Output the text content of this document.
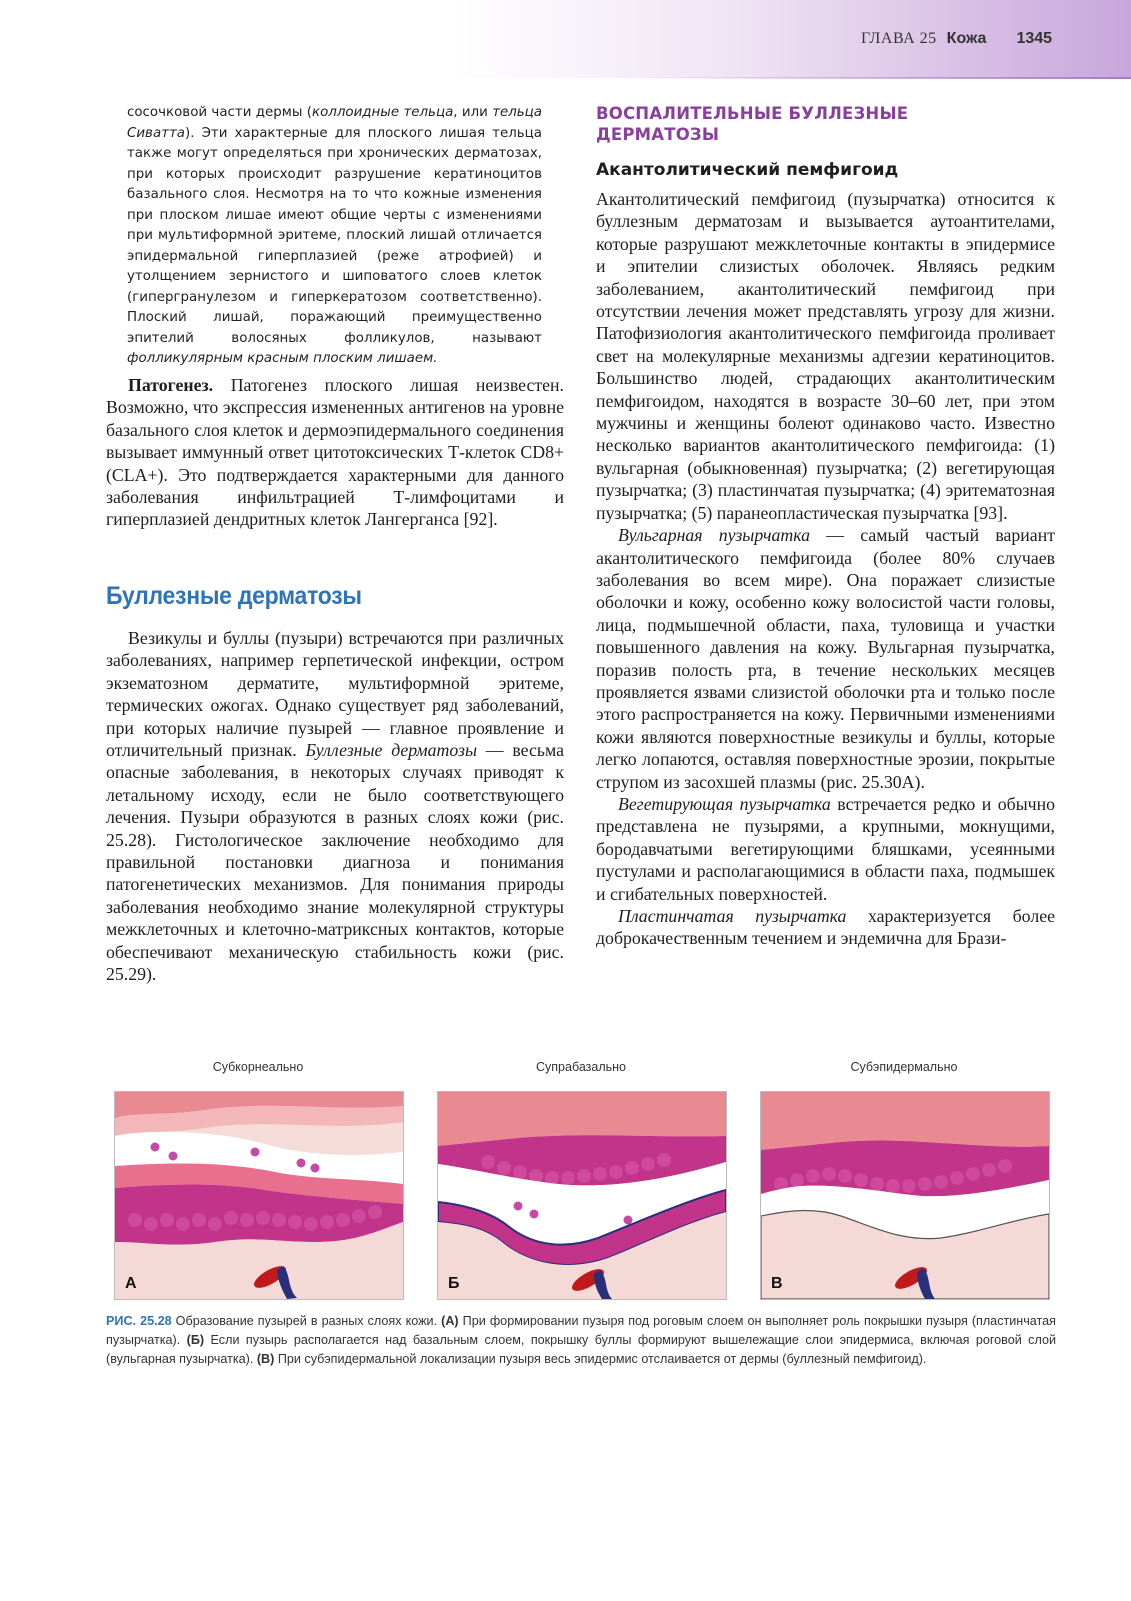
ГЛАВА 25 Кожа 1345

сосочковой части дермы (коллоидные тельца, или тельца Сиватта). Эти характерные для плоского лишая тельца также могут определяться при хронических дерматозах, при которых происходит разрушение кератиноцитов базального слоя. Несмотря на то что кожные изменения при плоском лишае имеют общие черты с изменениями при мультиформной эритеме, плоский лишай отличается эпидермальной гиперплазией (реже атрофией) и утолщением зернистого и шиповатого слоев клеток (гипергранулезом и гиперкератозом соответственно). Плоский лишай, поражающий преимущественно эпителий волосяных фолликулов, называют фолликулярным красным плоским лишаем.

Патогенез. Патогенез плоского лишая неизвестен. Возможно, что экспрессия измененных антигенов на уровне базального слоя клеток и дермоэпидермального соединения вызывает иммунный ответ цитотоксических Т-клеток CD8+ (CLA+). Это подтверждается характерными для данного заболевания инфильтрацией Т-лимфоцитами и гиперплазией дендритных клеток Лангерганса [92].

Буллезные дерматозы

Везикулы и буллы (пузыри) встречаются при различных заболеваниях, например герпетической инфекции, остром экзематозном дерматите, мультиформной эритеме, термических ожогах. Однако существует ряд заболеваний, при которых наличие пузырей — главное проявление и отличительный признак. Буллезные дерматозы — весьма опасные заболевания, в некоторых случаях приводят к летальному исходу, если не было соответствующего лечения. Пузыри образуются в разных слоях кожи (рис. 25.28). Гистологическое заключение необходимо для правильной постановки диагноза и понимания патогенетических механизмов. Для понимания природы заболевания необходимо знание молекулярной структуры межклеточных и клеточно-матриксных контактов, которые обеспечивают механическую стабильность кожи (рис. 25.29).

ВОСПАЛИТЕЛЬНЫЕ БУЛЛЕЗНЫЕ ДЕРМАТОЗЫ
Акантолитический пемфигоид

Акантолитический пемфигоид (пузырчатка) относится к буллезным дерматозам и вызывается аутоантителами, которые разрушают межклеточные контакты в эпидермисе и эпителии слизистых оболочек. Являясь редким заболеванием, акантолитический пемфигоид при отсутствии лечения может представлять угрозу для жизни. Патофизиология акантолитического пемфигоида проливает свет на молекулярные механизмы адгезии кератиноцитов. Большинство людей, страдающих акантолитическим пемфигоидом, находятся в возрасте 30–60 лет, при этом мужчины и женщины болеют одинаково часто. Известно несколько вариантов акантолитического пемфигоида: (1) вульгарная (обыкновенная) пузырчатка; (2) вегетирующая пузырчатка; (3) пластинчатая пузырчатка; (4) эритематозная пузырчатка; (5) паранеопластическая пузырчатка [93].

Вульгарная пузырчатка — самый частый вариант акантолитического пемфигоида (более 80% случаев заболевания во всем мире). Она поражает слизистые оболочки и кожу, особенно кожу волосистой части головы, лица, подмышечной области, паха, туловища и участки повышенного давления на кожу. Вульгарная пузырчатка, поразив полость рта, в течение нескольких месяцев проявляется язвами слизистой оболочки рта и только после этого распространяется на кожу. Первичными изменениями кожи являются поверхностные везикулы и буллы, которые легко лопаются, оставляя поверхностные эрозии, покрытые струпом из засохшей плазмы (рис. 25.30А).

Вегетирующая пузырчатка встречается редко и обычно представлена не пузырями, а крупными, мокнущими, бородавчатыми вегетирующими бляшками, усеянными пустулами и располагающимися в области паха, подмышек и сгибательных поверхностей.

Пластинчатая пузырчатка характеризуется более доброкачественным течением и эндемична для Брази-

Субкорнеально
А
Супрабазально
Б
Субэпидермально
В
РИС. 25.28 Образование пузырей в разных слоях кожи. (А) При формировании пузыря под роговым слоем он выполняет роль покрышки пузыря (пластинчатая пузырчатка). (Б) Если пузырь располагается над базальным слоем, покрышку буллы формируют вышележащие слои эпидермиса, включая роговой слой (вульгарная пузырчатка). (В) При субэпидермальной локализации пузыря весь эпидермис отслаивается от дермы (буллезный пемфигоид).
